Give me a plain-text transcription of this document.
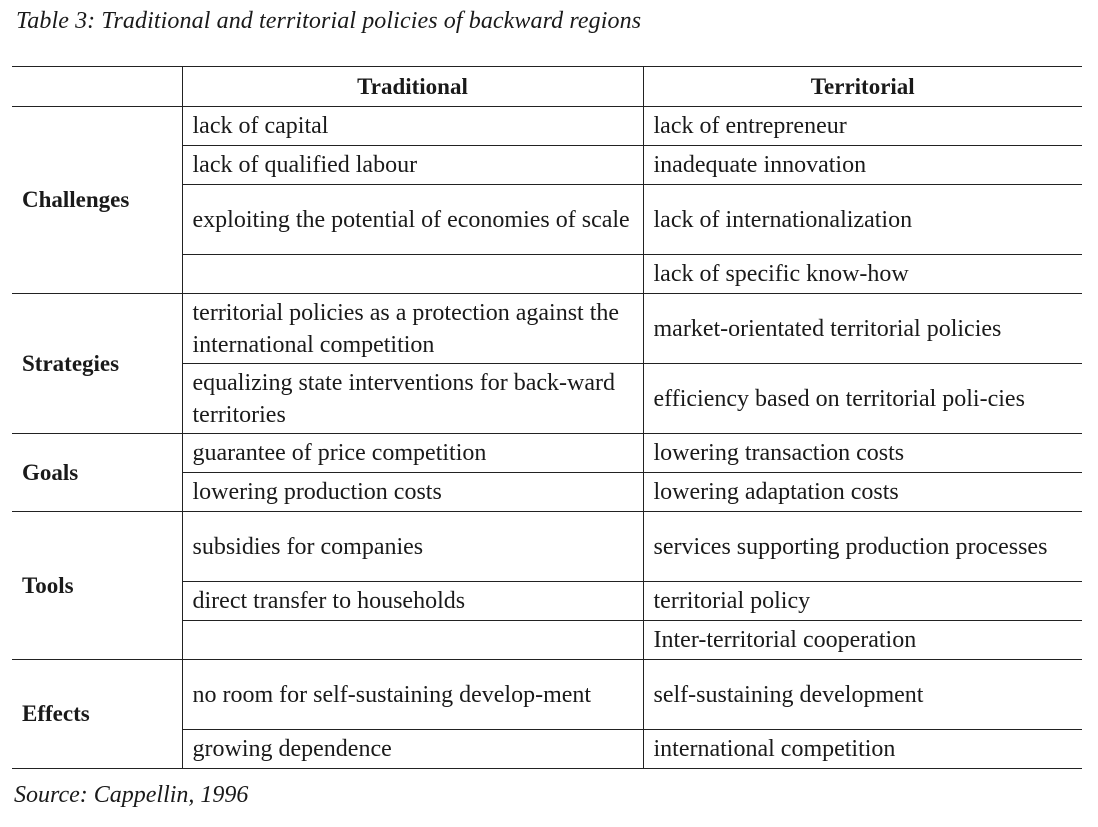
Table 3: Traditional and territorial policies of backward regions
	Traditional	Territorial
Challenges	lack of capital	lack of entrepreneur
	lack of qualified labour	inadequate innovation
	exploiting the potential of economies of scale	lack of internationalization
		lack of specific know-how
Strategies	territorial policies as a protection against the international competition	market-orientated territorial policies
	equalizing state interventions for back-ward territories	efficiency based on territorial poli-cies
Goals	guarantee of price competition	lowering transaction costs
	lowering production costs	lowering adaptation costs
Tools	subsidies for companies	services supporting production processes
	direct transfer to households	territorial policy
		Inter-territorial cooperation
Effects	no room for self-sustaining develop-ment	self-sustaining development
	growing dependence	international competition
Source: Cappellin, 1996
